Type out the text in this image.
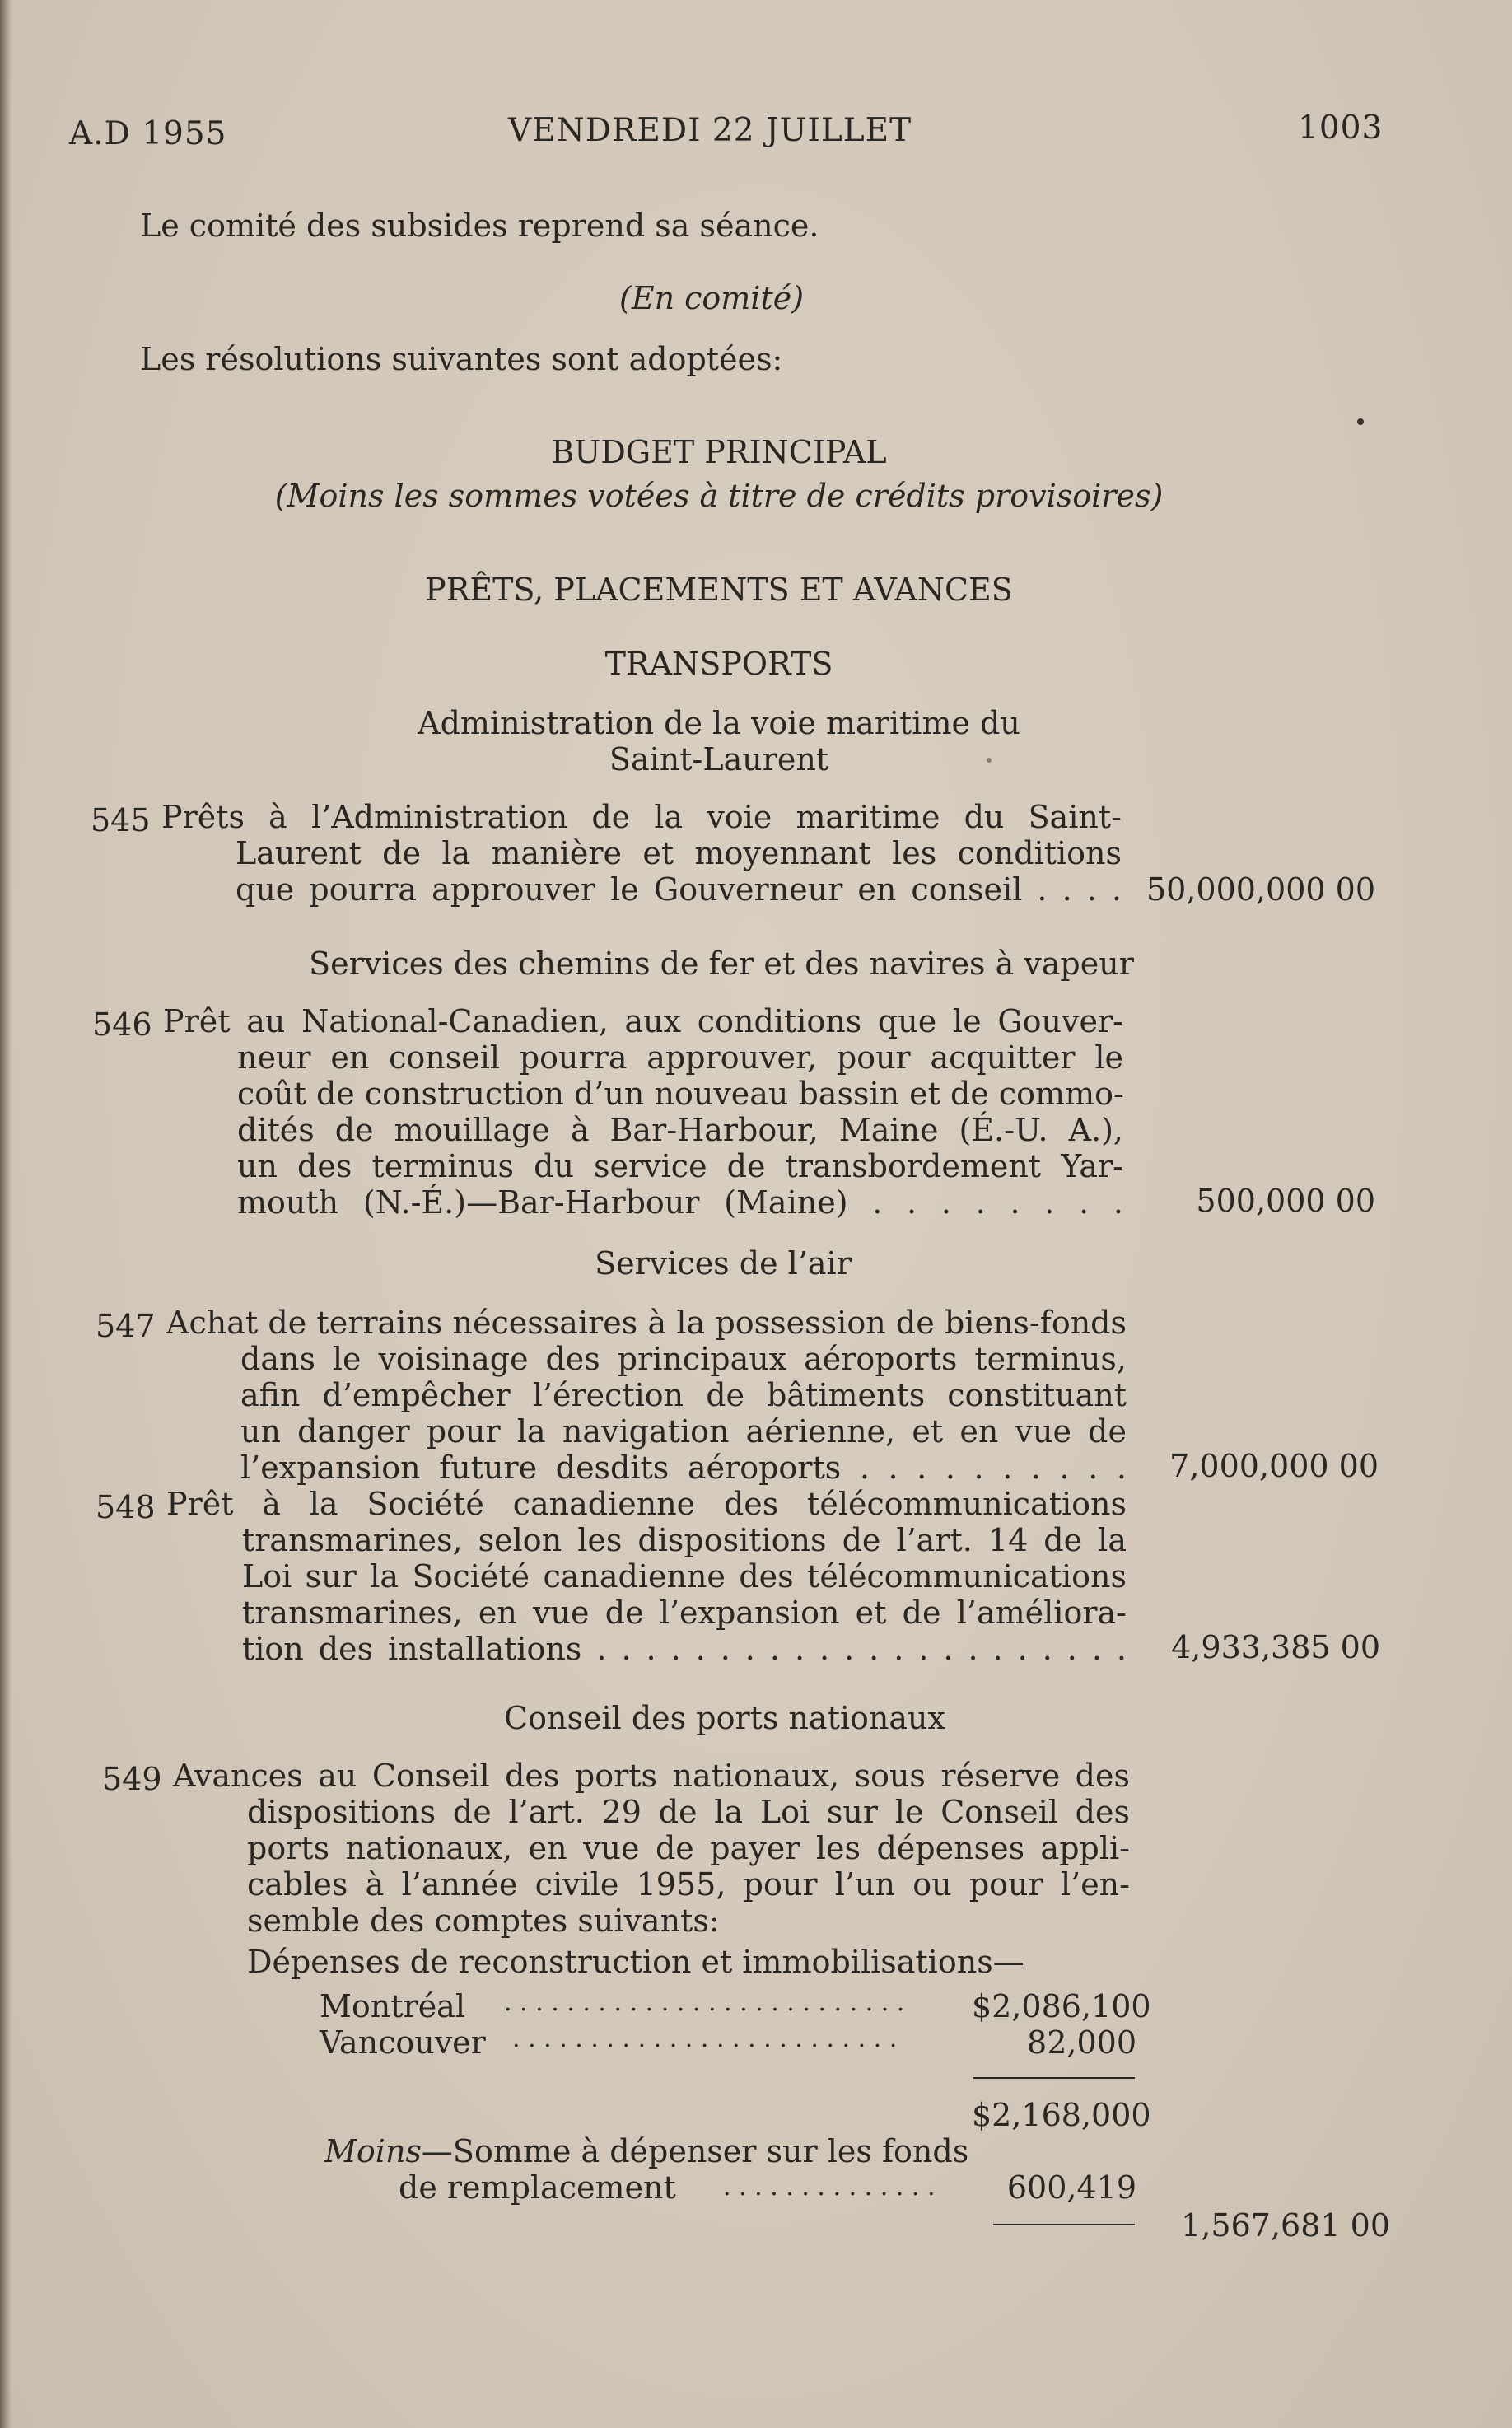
A.D 1955	VENDREDI 22 JUILLET	1003
Le comité des subsides reprend sa séance.
(En comité)
Les résolutions suivantes sont adoptées:
BUDGET PRINCIPAL
(Moins les sommes votées à titre de crédits provisoires)
PRÊTS, PLACEMENTS ET AVANCES
TRANSPORTS
Administration de la voie maritime du
Saint-Laurent
545 Prêts à l’Administration de la voie maritime du Saint-
Laurent de la manière et moyennant les conditions
que pourra approuver le Gouverneur en conseil . . . . 50,000,000 00
Services des chemins de fer et des navires à vapeur
546 Prêt au National-Canadien, aux conditions que le Gouver-
neur en conseil pourra approuver, pour acquitter le
coût de construction d’un nouveau bassin et de commo-
dités de mouillage à Bar-Harbour, Maine (É.-U. A.),
un des terminus du service de transbordement Yar-
mouth (N.-É.)—Bar-Harbour (Maine) . . . . . . . .	500,000 00
Services de l’air
547 Achat de terrains nécessaires à la possession de biens-fonds
dans le voisinage des principaux aéroports terminus,
afin d’empêcher l’érection de bâtiments constituant
un danger pour la navigation aérienne, et en vue de
l’expansion future desdits aéroports . . . . . . . . . .	7,000,000 00
548 Prêt à la Société canadienne des télécommunications
transmarines, selon les dispositions de l’art. 14 de la
Loi sur la Société canadienne des télécommunications
transmarines, en vue de l’expansion et de l’améliora-
tion des installations . . . . . . . . . . . . . . . . . . . . . .	4,933,385 00
Conseil des ports nationaux
549 Avances au Conseil des ports nationaux, sous réserve des
dispositions de l’art. 29 de la Loi sur le Conseil des
ports nationaux, en vue de payer les dépenses appli-
cables à l’année civile 1955, pour l’un ou pour l’en-
semble des comptes suivants:
Dépenses de reconstruction et immobilisations—
Montréal . . . . . . . . . . . . . . . . . . . . . . . . . . $2,086,100
Vancouver . . . . . . . . . . . . . . . . . . . . . . . . .	82,000
$2,168,000
Moins—Somme à dépenser sur les fonds
de remplacement . . . . . . . . . . . . . .	600,419
1,567,681 00
